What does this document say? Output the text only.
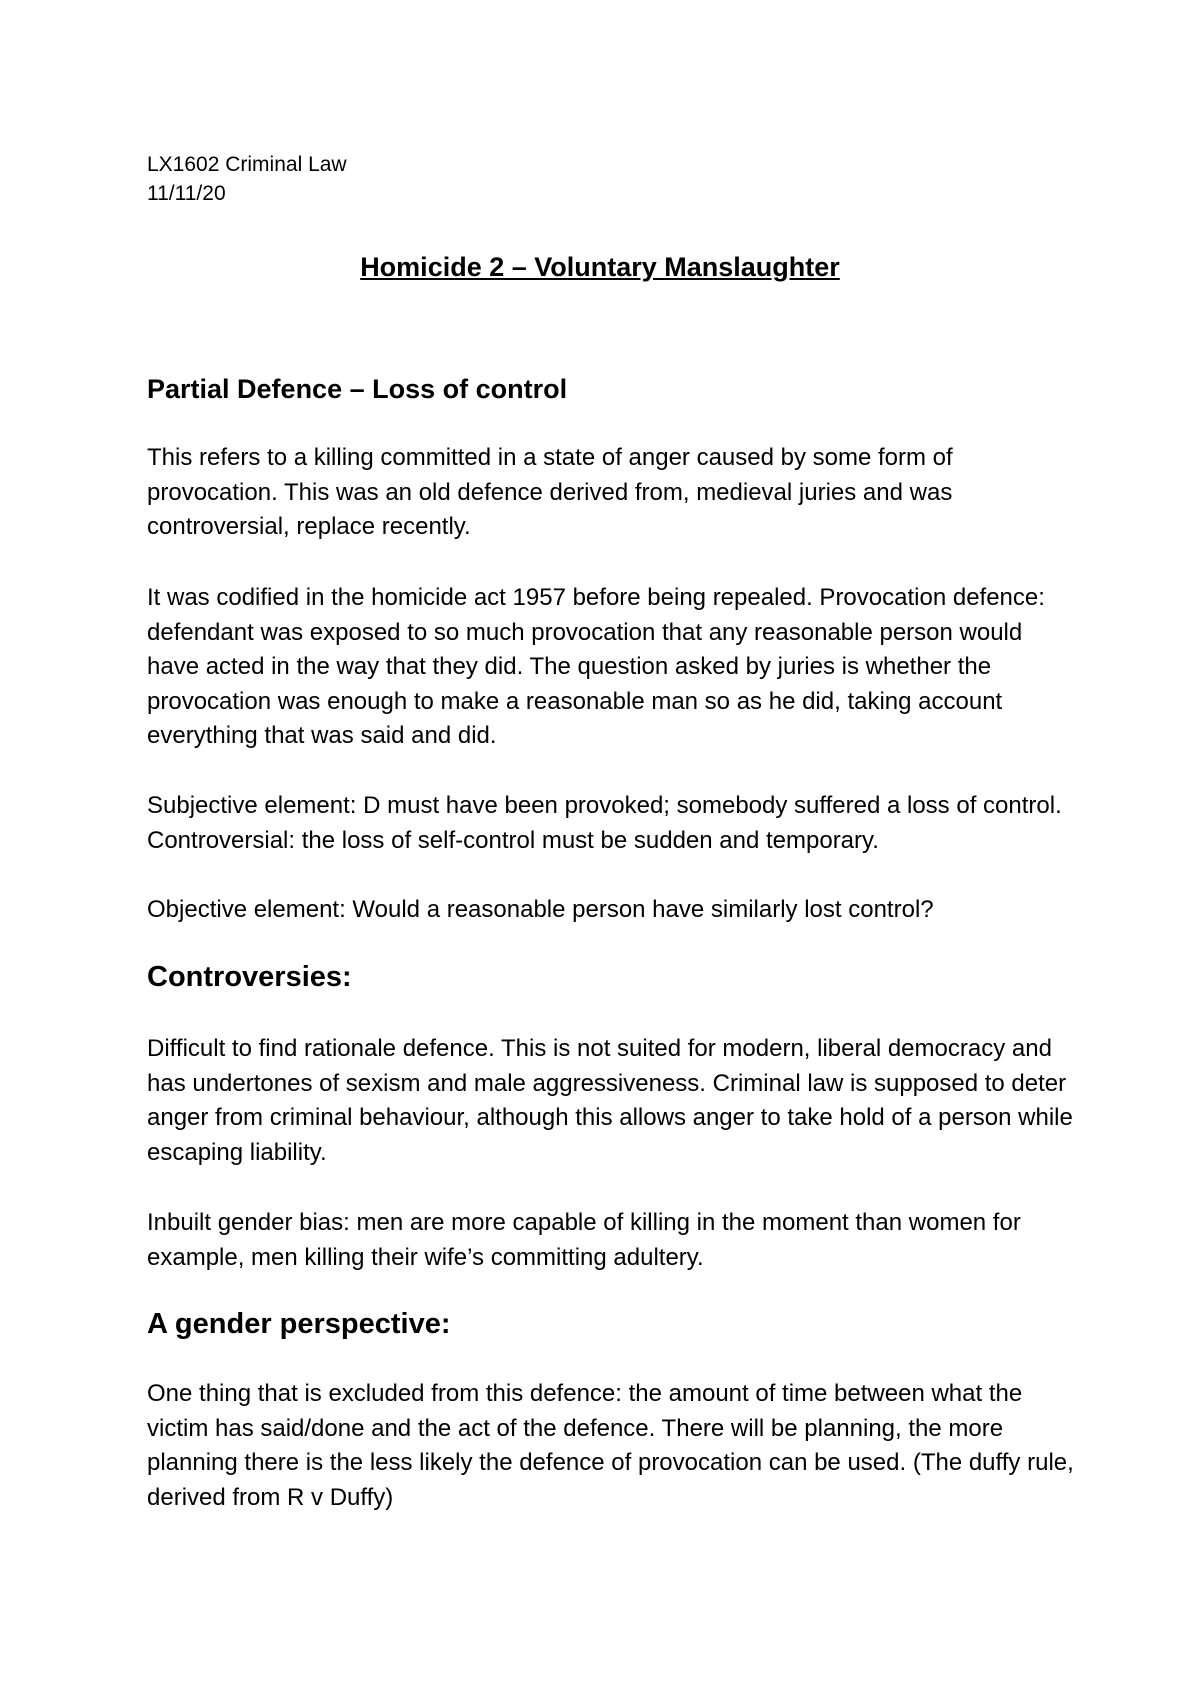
LX1602 Criminal Law
11/11/20
Homicide 2 – Voluntary Manslaughter
Partial Defence – Loss of control

This refers to a killing committed in a state of anger caused by some form of provocation. This was an old defence derived from, medieval juries and was controversial, replace recently.

It was codified in the homicide act 1957 before being repealed. Provocation defence: defendant was exposed to so much provocation that any reasonable person would have acted in the way that they did. The question asked by juries is whether the provocation was enough to make a reasonable man so as he did, taking account everything that was said and did.

Subjective element: D must have been provoked; somebody suffered a loss of control. Controversial: the loss of self-control must be sudden and temporary.

Objective element: Would a reasonable person have similarly lost control?

Controversies:

Difficult to find rationale defence. This is not suited for modern, liberal democracy and has undertones of sexism and male aggressiveness. Criminal law is supposed to deter anger from criminal behaviour, although this allows anger to take hold of a person while escaping liability.

Inbuilt gender bias: men are more capable of killing in the moment than women for example, men killing their wife’s committing adultery.

A gender perspective:

One thing that is excluded from this defence: the amount of time between what the victim has said/done and the act of the defence. There will be planning, the more planning there is the less likely the defence of provocation can be used. (The duffy rule, derived from R v Duffy)
